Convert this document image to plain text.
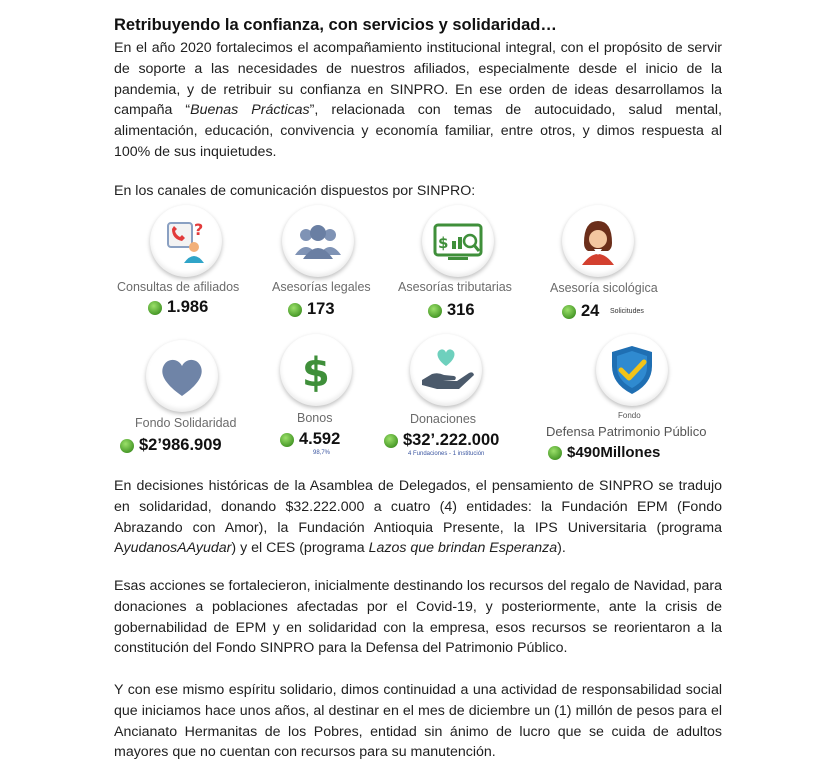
Retribuyendo la confianza, con servicios y solidaridad…
En el año 2020 fortalecimos el acompañamiento institucional integral, con el propósito de servir de soporte a las necesidades de nuestros afiliados, especialmente desde el inicio de la pandemia, y de retribuir su confianza en SINPRO. En ese orden de ideas desarrollamos la campaña “Buenas Prácticas”, relacionada con temas de autocuidado, salud mental, alimentación, educación, convivencia y economía familiar, entre otros, y dimos respuesta al 100% de sus inquietudes.
En los canales de comunicación dispuestos por SINPRO:
?
Consultas de afiliados
1.986
Asesorías legales
173
$
Asesorías tributarias
316
Asesoría sicológica
24 Solicitudes
Fondo Solidaridad
$2’986.909
$
Bonos
4.592
98,7%
Donaciones
$32’.222.000
4 Fundaciones - 1 institución
Fondo
Defensa Patrimonio Público
$490Millones
En decisiones históricas de la Asamblea de Delegados, el pensamiento de SINPRO se tradujo en solidaridad, donando $32.222.000 a cuatro (4) entidades: la Fundación EPM (Fondo Abrazando con Amor), la Fundación Antioquia Presente, la IPS Universitaria (programa AyudanosAAyudar) y el CES (programa Lazos que brindan Esperanza).
Esas acciones se fortalecieron, inicialmente destinando los recursos del regalo de Navidad, para donaciones a poblaciones afectadas por el Covid-19, y posteriormente, ante la crisis de gobernabilidad de EPM y en solidaridad con la empresa, esos recursos se reorientaron a la constitución del Fondo SINPRO para la Defensa del Patrimonio Público.
Y con ese mismo espíritu solidario, dimos continuidad a una actividad de responsabilidad social que iniciamos hace unos años, al destinar en el mes de diciembre un (1) millón de pesos para el Ancianato Hermanitas de los Pobres, entidad sin ánimo de lucro que se cuida de adultos mayores que no cuentan con recursos para su manutención.
